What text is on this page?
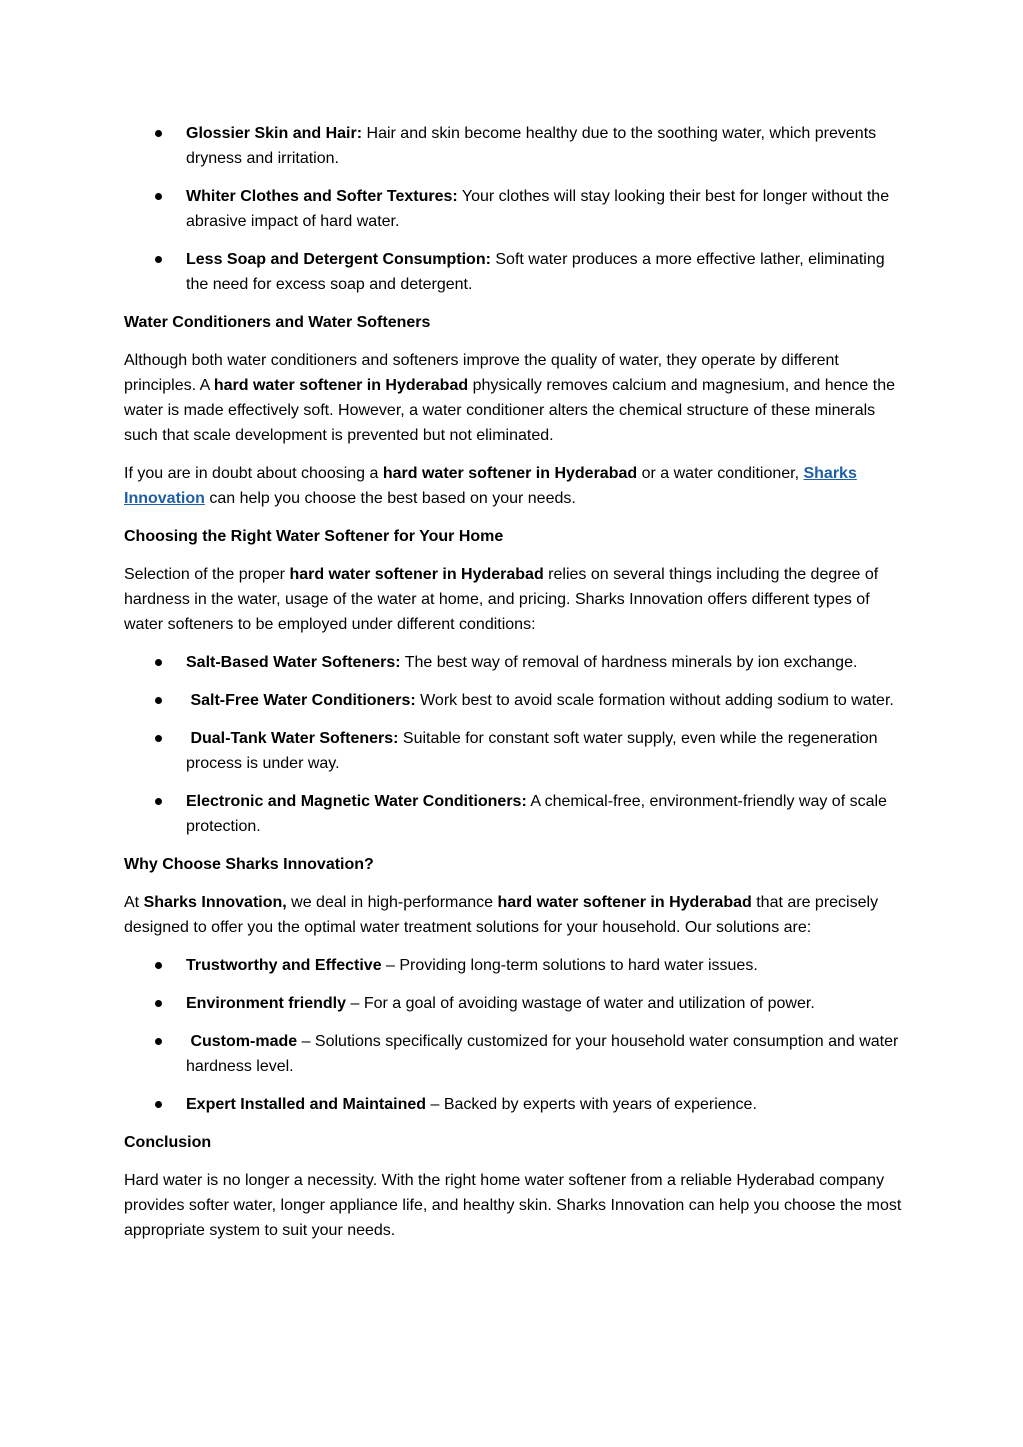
Glossier Skin and Hair: Hair and skin become healthy due to the soothing water, which prevents dryness and irritation.
Whiter Clothes and Softer Textures: Your clothes will stay looking their best for longer without the abrasive impact of hard water.
Less Soap and Detergent Consumption: Soft water produces a more effective lather, eliminating the need for excess soap and detergent.
Water Conditioners and Water Softeners

Although both water conditioners and softeners improve the quality of water, they operate by different principles. A hard water softener in Hyderabad physically removes calcium and magnesium, and hence the water is made effectively soft. However, a water conditioner alters the chemical structure of these minerals such that scale development is prevented but not eliminated.

If you are in doubt about choosing a hard water softener in Hyderabad or a water conditioner, Sharks Innovation can help you choose the best based on your needs.

Choosing the Right Water Softener for Your Home

Selection of the proper hard water softener in Hyderabad relies on several things including the degree of hardness in the water, usage of the water at home, and pricing. Sharks Innovation offers different types of water softeners to be employed under different conditions:

Salt-Based Water Softeners: The best way of removal of hardness minerals by ion exchange.
Salt-Free Water Conditioners: Work best to avoid scale formation without adding sodium to water.
Dual-Tank Water Softeners: Suitable for constant soft water supply, even while the regeneration process is under way.
Electronic and Magnetic Water Conditioners: A chemical-free, environment-friendly way of scale protection.
Why Choose Sharks Innovation?

At Sharks Innovation, we deal in high-performance hard water softener in Hyderabad that are precisely designed to offer you the optimal water treatment solutions for your household. Our solutions are:

Trustworthy and Effective – Providing long-term solutions to hard water issues.
Environment friendly – For a goal of avoiding wastage of water and utilization of power.
Custom-made – Solutions specifically customized for your household water consumption and water hardness level.
Expert Installed and Maintained – Backed by experts with years of experience.
Conclusion

Hard water is no longer a necessity. With the right home water softener from a reliable Hyderabad company provides softer water, longer appliance life, and healthy skin. Sharks Innovation can help you choose the most appropriate system to suit your needs.
